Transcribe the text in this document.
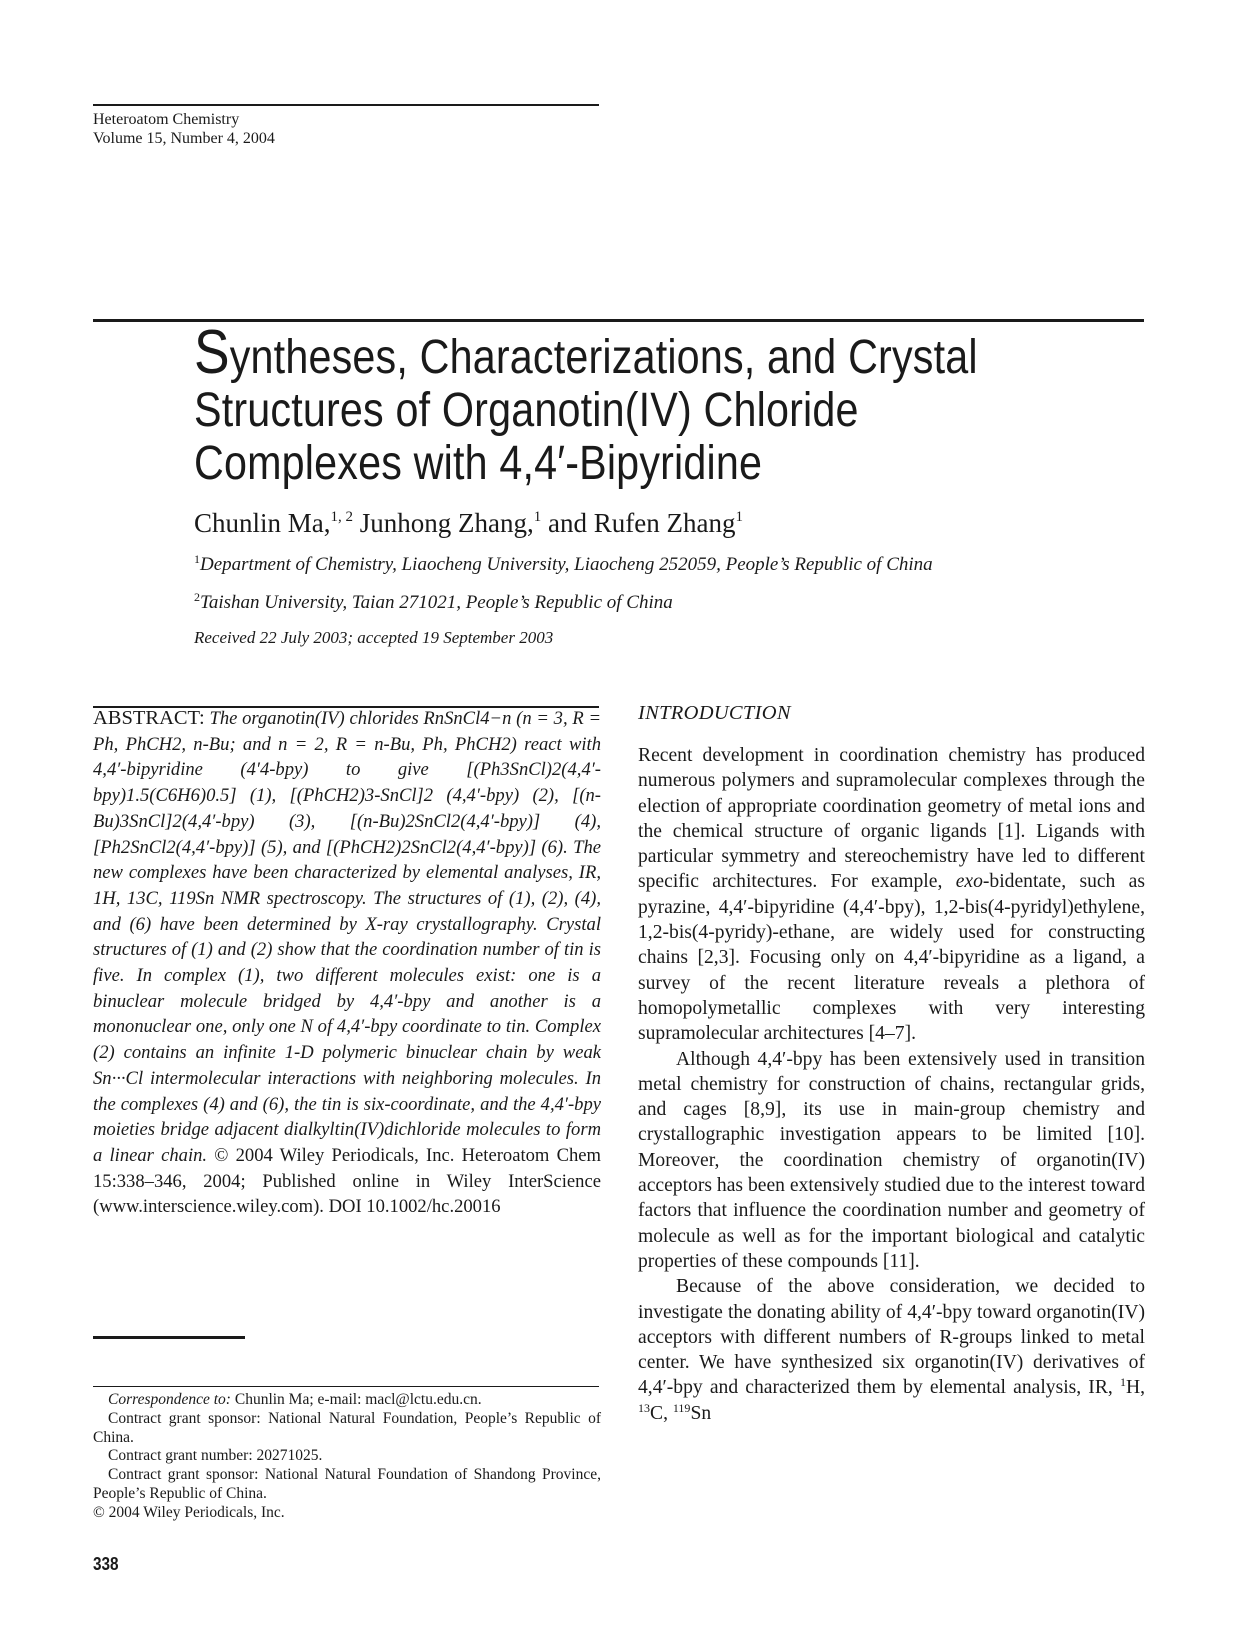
Heteroatom Chemistry
Volume 15, Number 4, 2004
Syntheses, Characterizations, and Crystal
Structures of Organotin(IV) Chloride
Complexes with 4,4′-Bipyridine
Chunlin Ma,$^{1, 2}$ Junhong Zhang,$^1$ and Rufen Zhang$^1$
$^1$Department of Chemistry, Liaocheng University, Liaocheng 252059, People’s Republic of China
$^2$Taishan University, Taian 271021, People’s Republic of China
Received 22 July 2003; accepted 19 September 2003
ABSTRACT: The organotin(IV) chlorides RnSnCl4−n (n = 3, R = Ph, PhCH2, n-Bu; and n = 2, R = n-Bu, Ph, PhCH2) react with 4,4′-bipyridine (4′4-bpy) to give [(Ph3SnCl)2(4,4′-bpy)1.5(C6H6)0.5] (1), [(PhCH2)3-SnCl]2 (4,4′-bpy) (2), [(n-Bu)3SnCl]2(4,4′-bpy) (3), [(n-Bu)2SnCl2(4,4′-bpy)] (4), [Ph2SnCl2(4,4′-bpy)] (5), and [(PhCH2)2SnCl2(4,4′-bpy)] (6). The new complexes have been characterized by elemental analyses, IR, 1H, 13C, 119Sn NMR spectroscopy. The structures of (1), (2), (4), and (6) have been determined by X-ray crystallography. Crystal structures of (1) and (2) show that the coordination number of tin is five. In complex (1), two different molecules exist: one is a binuclear molecule bridged by 4,4′-bpy and another is a mononuclear one, only one N of 4,4′-bpy coordinate to tin. Complex (2) contains an infinite 1-D polymeric binuclear chain by weak Sn···Cl intermolecular interactions with neighboring molecules. In the complexes (4) and (6), the tin is six-coordinate, and the 4,4′-bpy moieties bridge adjacent dialkyltin(IV)dichloride molecules to form a linear chain. © 2004 Wiley Periodicals, Inc. Heteroatom Chem 15:338–346, 2004; Published online in Wiley InterScience (www.interscience.wiley.com). DOI 10.1002/hc.20016

Correspondence to: Chunlin Ma; e-mail: macl@lctu.edu.cn.

Contract grant sponsor: National Natural Foundation, People’s Republic of China.

Contract grant number: 20271025.

Contract grant sponsor: National Natural Foundation of Shandong Province, People’s Republic of China.

© 2004 Wiley Periodicals, Inc.

338
INTRODUCTION

Recent development in coordination chemistry has produced numerous polymers and supramolecular complexes through the election of appropriate coordination geometry of metal ions and the chemical structure of organic ligands [1]. Ligands with particular symmetry and stereochemistry have led to different specific architectures. For example, exo-bidentate, such as pyrazine, 4,4′-bipyridine (4,4′-bpy), 1,2-bis(4-pyridyl)ethylene, 1,2-bis(4-pyridy)-ethane, are widely used for constructing chains [2,3]. Focusing only on 4,4′-bipyridine as a ligand, a survey of the recent literature reveals a plethora of homopolymetallic complexes with very interesting supramolecular architectures [4–7].

Although 4,4′-bpy has been extensively used in transition metal chemistry for construction of chains, rectangular grids, and cages [8,9], its use in main-group chemistry and crystallographic investigation appears to be limited [10]. Moreover, the coordination chemistry of organotin(IV) acceptors has been extensively studied due to the interest toward factors that influence the coordination number and geometry of molecule as well as for the important biological and catalytic properties of these compounds [11].

Because of the above consideration, we decided to investigate the donating ability of 4,4′-bpy toward organotin(IV) acceptors with different numbers of R-groups linked to metal center. We have synthesized six organotin(IV) derivatives of 4,4′-bpy and characterized them by elemental analysis, IR, $^1$H, $^{13}$C, $^{119}$Sn
